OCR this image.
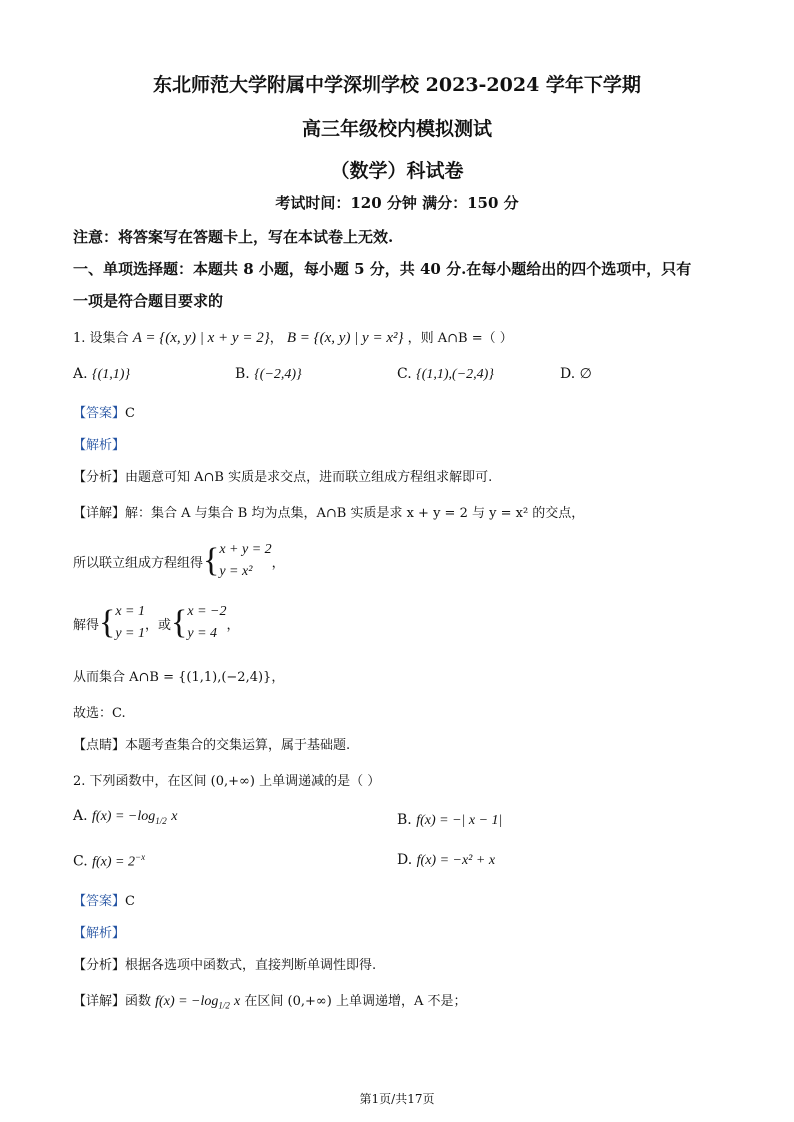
东北师范大学附属中学深圳学校 2023-2024 学年下学期
高三年级校内模拟测试
（数学）科试卷
考试时间：120 分钟 满分：150 分
注意：将答案写在答题卡上，写在本试卷上无效.
一、单项选择题：本题共 8 小题，每小题 5 分，共 40 分.在每小题给出的四个选项中，只有
一项是符合题目要求的
1. 设集合 A = {(x, y) | x + y = 2}， B = {(x, y) | y = x²} ，则 A∩B =（ ）
A. {(1,1)}	B. {(−2,4)}	C. {(1,1),(−2,4)}	D. ∅
【答案】C
【解析】
【分析】由题意可知 A∩B 实质是求交点，进而联立组成方程组求解即可.
【详解】解：集合 A 与集合 B 均为点集，A∩B 实质是求 x + y = 2 与 y = x² 的交点，
所以联立组成方程组得 { x + y = 2
y = x²
，
解得 { x = 1
y = 1
，或 { x = −2
y = 4
，
从而集合 A∩B = {(1,1),(−2,4)}，
故选：C.
【点睛】本题考查集合的交集运算，属于基础题.
2. 下列函数中，在区间 (0,+∞) 上单调递减的是（ ）
A. $f(x) = -\log_{1/2}$ x	B. f(x) = −| x − 1|
C. $f(x) = 2^{-x}$	D. f(x) = −x² + x
【答案】C
【解析】
【分析】根据各选项中函数式，直接判断单调性即得.
【详解】函数 $f(x) = -\log_{1/2}$ x 在区间 (0,+∞) 上单调递增，A 不是；
第1页/共17页
